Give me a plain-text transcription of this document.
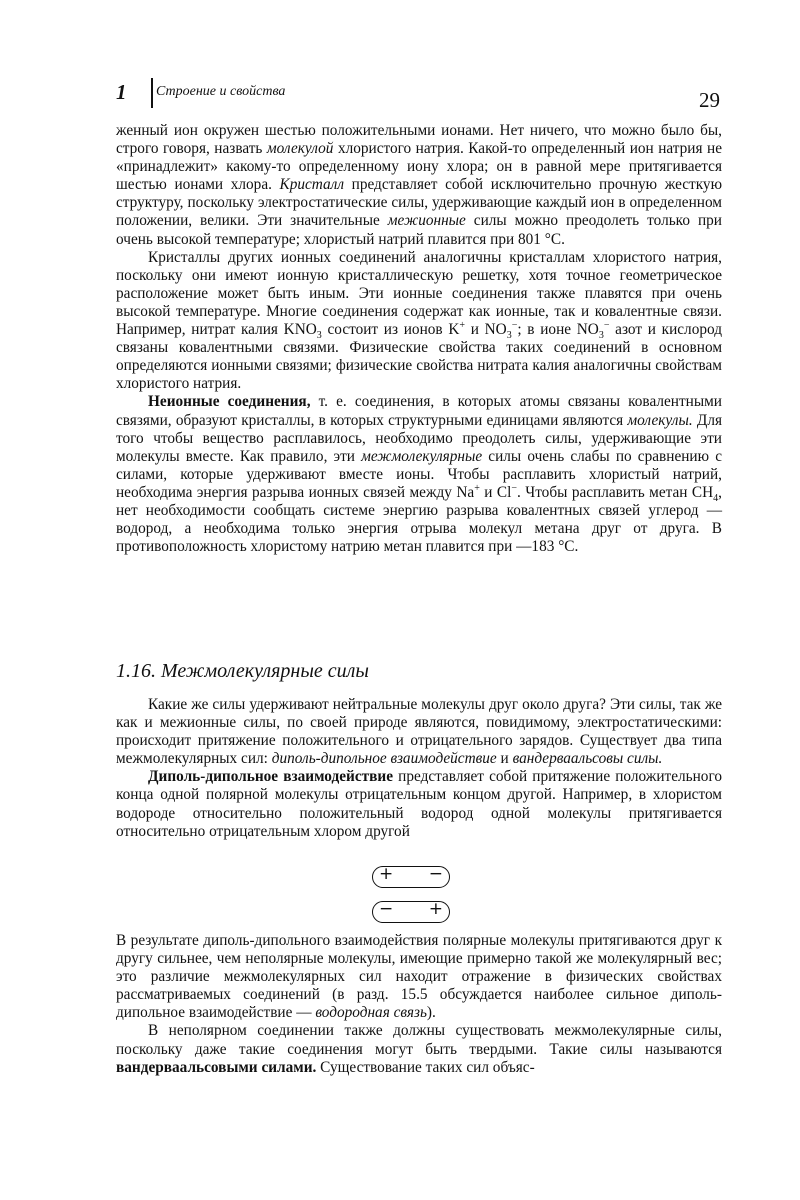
1 Строение и свойства	29

женный ион окружен шестью положительными ионами. Нет ничего, что можно было бы, строго говоря, назвать молекулой хлористого натрия. Какой-то определенный ион натрия не «принадлежит» какому-то определенному иону хлора; он в равной мере притягивается шестью ионами хлора. Кристалл представляет собой исключительно прочную жесткую структуру, поскольку электростатические силы, удерживающие каждый ион в определенном положении, велики. Эти значительные межионные силы можно преодолеть только при очень высокой температуре; хлористый натрий плавится при 801 °С.

Кристаллы других ионных соединений аналогичны кристаллам хлористого натрия, поскольку они имеют ионную кристаллическую решетку, хотя точное геометрическое расположение может быть иным. Эти ионные соединения также плавятся при очень высокой температуре. Многие соединения содержат как ионные, так и ковалентные связи. Например, нитрат калия $KNO_3$ состоит из ионов K+ и $NO_3^-$; в ионе $NO_3^-$ азот и кислород связаны ковалентными связями. Физические свойства таких соединений в основном определяются ионными связями; физические свойства нитрата калия аналогичны свойствам хлористого натрия.

Неионные соединения, т. е. соединения, в которых атомы связаны ковалентными связями, образуют кристаллы, в которых структурными единицами являются молекулы. Для того чтобы вещество расплавилось, необходимо преодолеть силы, удерживающие эти молекулы вместе. Как правило, эти межмолекулярные силы очень слабы по сравнению с силами, которые удерживают вместе ионы. Чтобы расплавить хлористый натрий, необходима энергия разрыва ионных связей между Na+ и Cl−. Чтобы расплавить метан $CH_4$, нет необходимости сообщать системе энергию разрыва ковалентных связей углерод — водород, а необходима только энергия отрыва молекул метана друг от друга. В противоположность хлористому натрию метан плавится при —183 °С.

1.16. Межмолекулярные силы

Какие же силы удерживают нейтральные молекулы друг около друга? Эти силы, так же как и межионные силы, по своей природе являются, повидимому, электростатическими: происходит притяжение положительного и отрицательного зарядов. Существует два типа межмолекулярных сил: диполь-дипольное взаимодействие и вандерваальсовы силы.

Диполь-дипольное взаимодействие представляет собой притяжение положительного конца одной полярной молекулы отрицательным концом другой. Например, в хлористом водороде относительно положительный водород одной молекулы притягивается относительно отрицательным хлором другой

+ −
− +

В результате диполь-дипольного взаимодействия полярные молекулы притягиваются друг к другу сильнее, чем неполярные молекулы, имеющие примерно такой же молекулярный вес; это различие межмолекулярных сил находит отражение в физических свойствах рассматриваемых соединений (в разд. 15.5 обсуждается наиболее сильное диполь-дипольное взаимодействие — водородная связь).

В неполярном соединении также должны существовать межмолекулярные силы, поскольку даже такие соединения могут быть твердыми. Такие силы называются вандерваальсовыми силами. Существование таких сил объяс-
